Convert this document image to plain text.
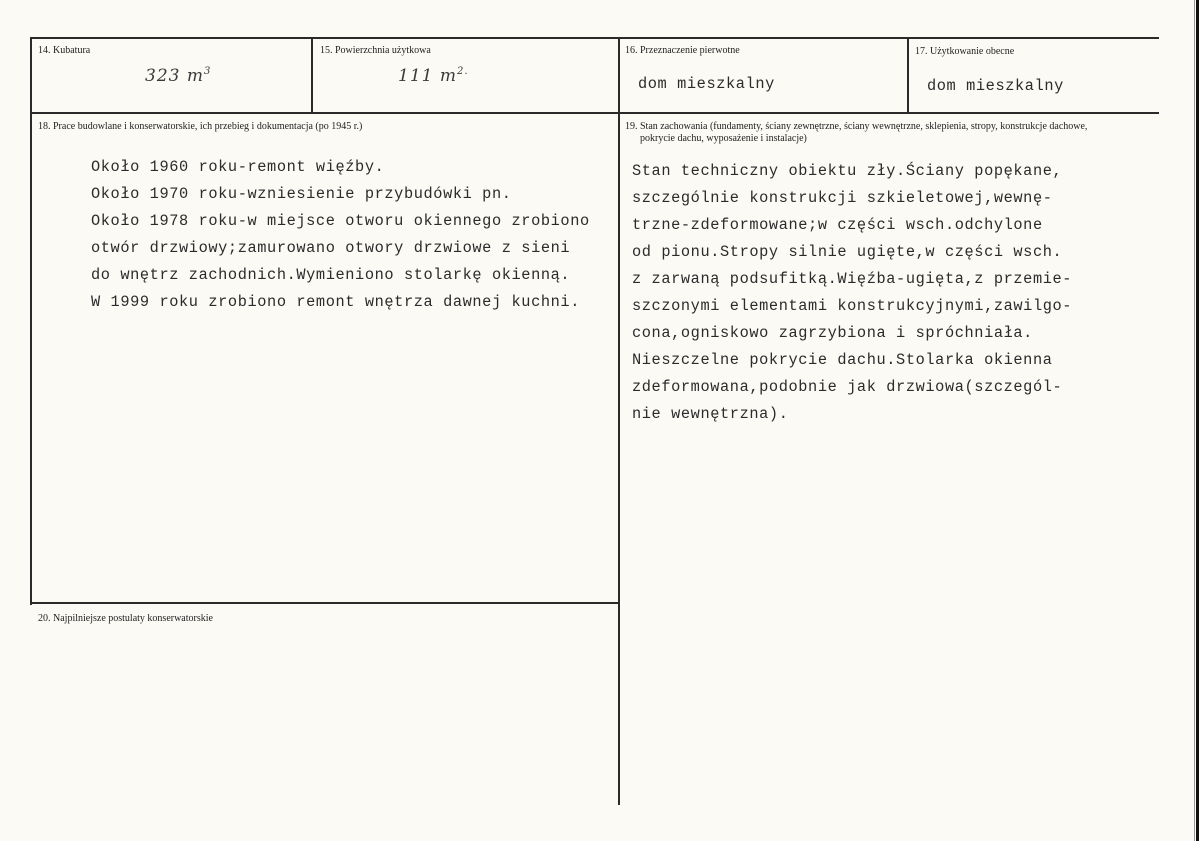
14. Kubatura
323 $m^3$
15. Powierzchnia użytkowa
111 $m^{2.}$
16. Przeznaczenie pierwotne
dom mieszkalny
17. Użytkowanie obecne
dom mieszkalny
18. Prace budowlane i konserwatorskie, ich przebieg i dokumentacja (po 1945 r.)
Około 1960 roku-remont więźby.
Około 1970 roku-wzniesienie przybudówki pn.
Około 1978 roku-w miejsce otworu okiennego zrobiono
otwór drzwiowy;zamurowano otwory drzwiowe z sieni
do wnętrz zachodnich.Wymieniono stolarkę okienną.
W 1999 roku zrobiono remont wnętrza dawnej kuchni.
19. Stan zachowania (fundamenty, ściany zewnętrzne, ściany wewnętrzne, sklepienia, stropy, konstrukcje dachowe,
pokrycie dachu, wyposażenie i instalacje)
Stan techniczny obiektu zły.Ściany popękane,
szczególnie konstrukcji szkieletowej,wewnę-
trzne-zdeformowane;w części wsch.odchylone
od pionu.Stropy silnie ugięte,w części wsch.
z zarwaną podsufitką.Więźba-ugięta,z przemie-
szczonymi elementami konstrukcyjnymi,zawilgo-
cona,ogniskowo zagrzybiona i spróchniała.
Nieszczelne pokrycie dachu.Stolarka okienna
zdeformowana,podobnie jak drzwiowa(szczegól-
nie wewnętrzna).
20. Najpilniejsze postulaty konserwatorskie
